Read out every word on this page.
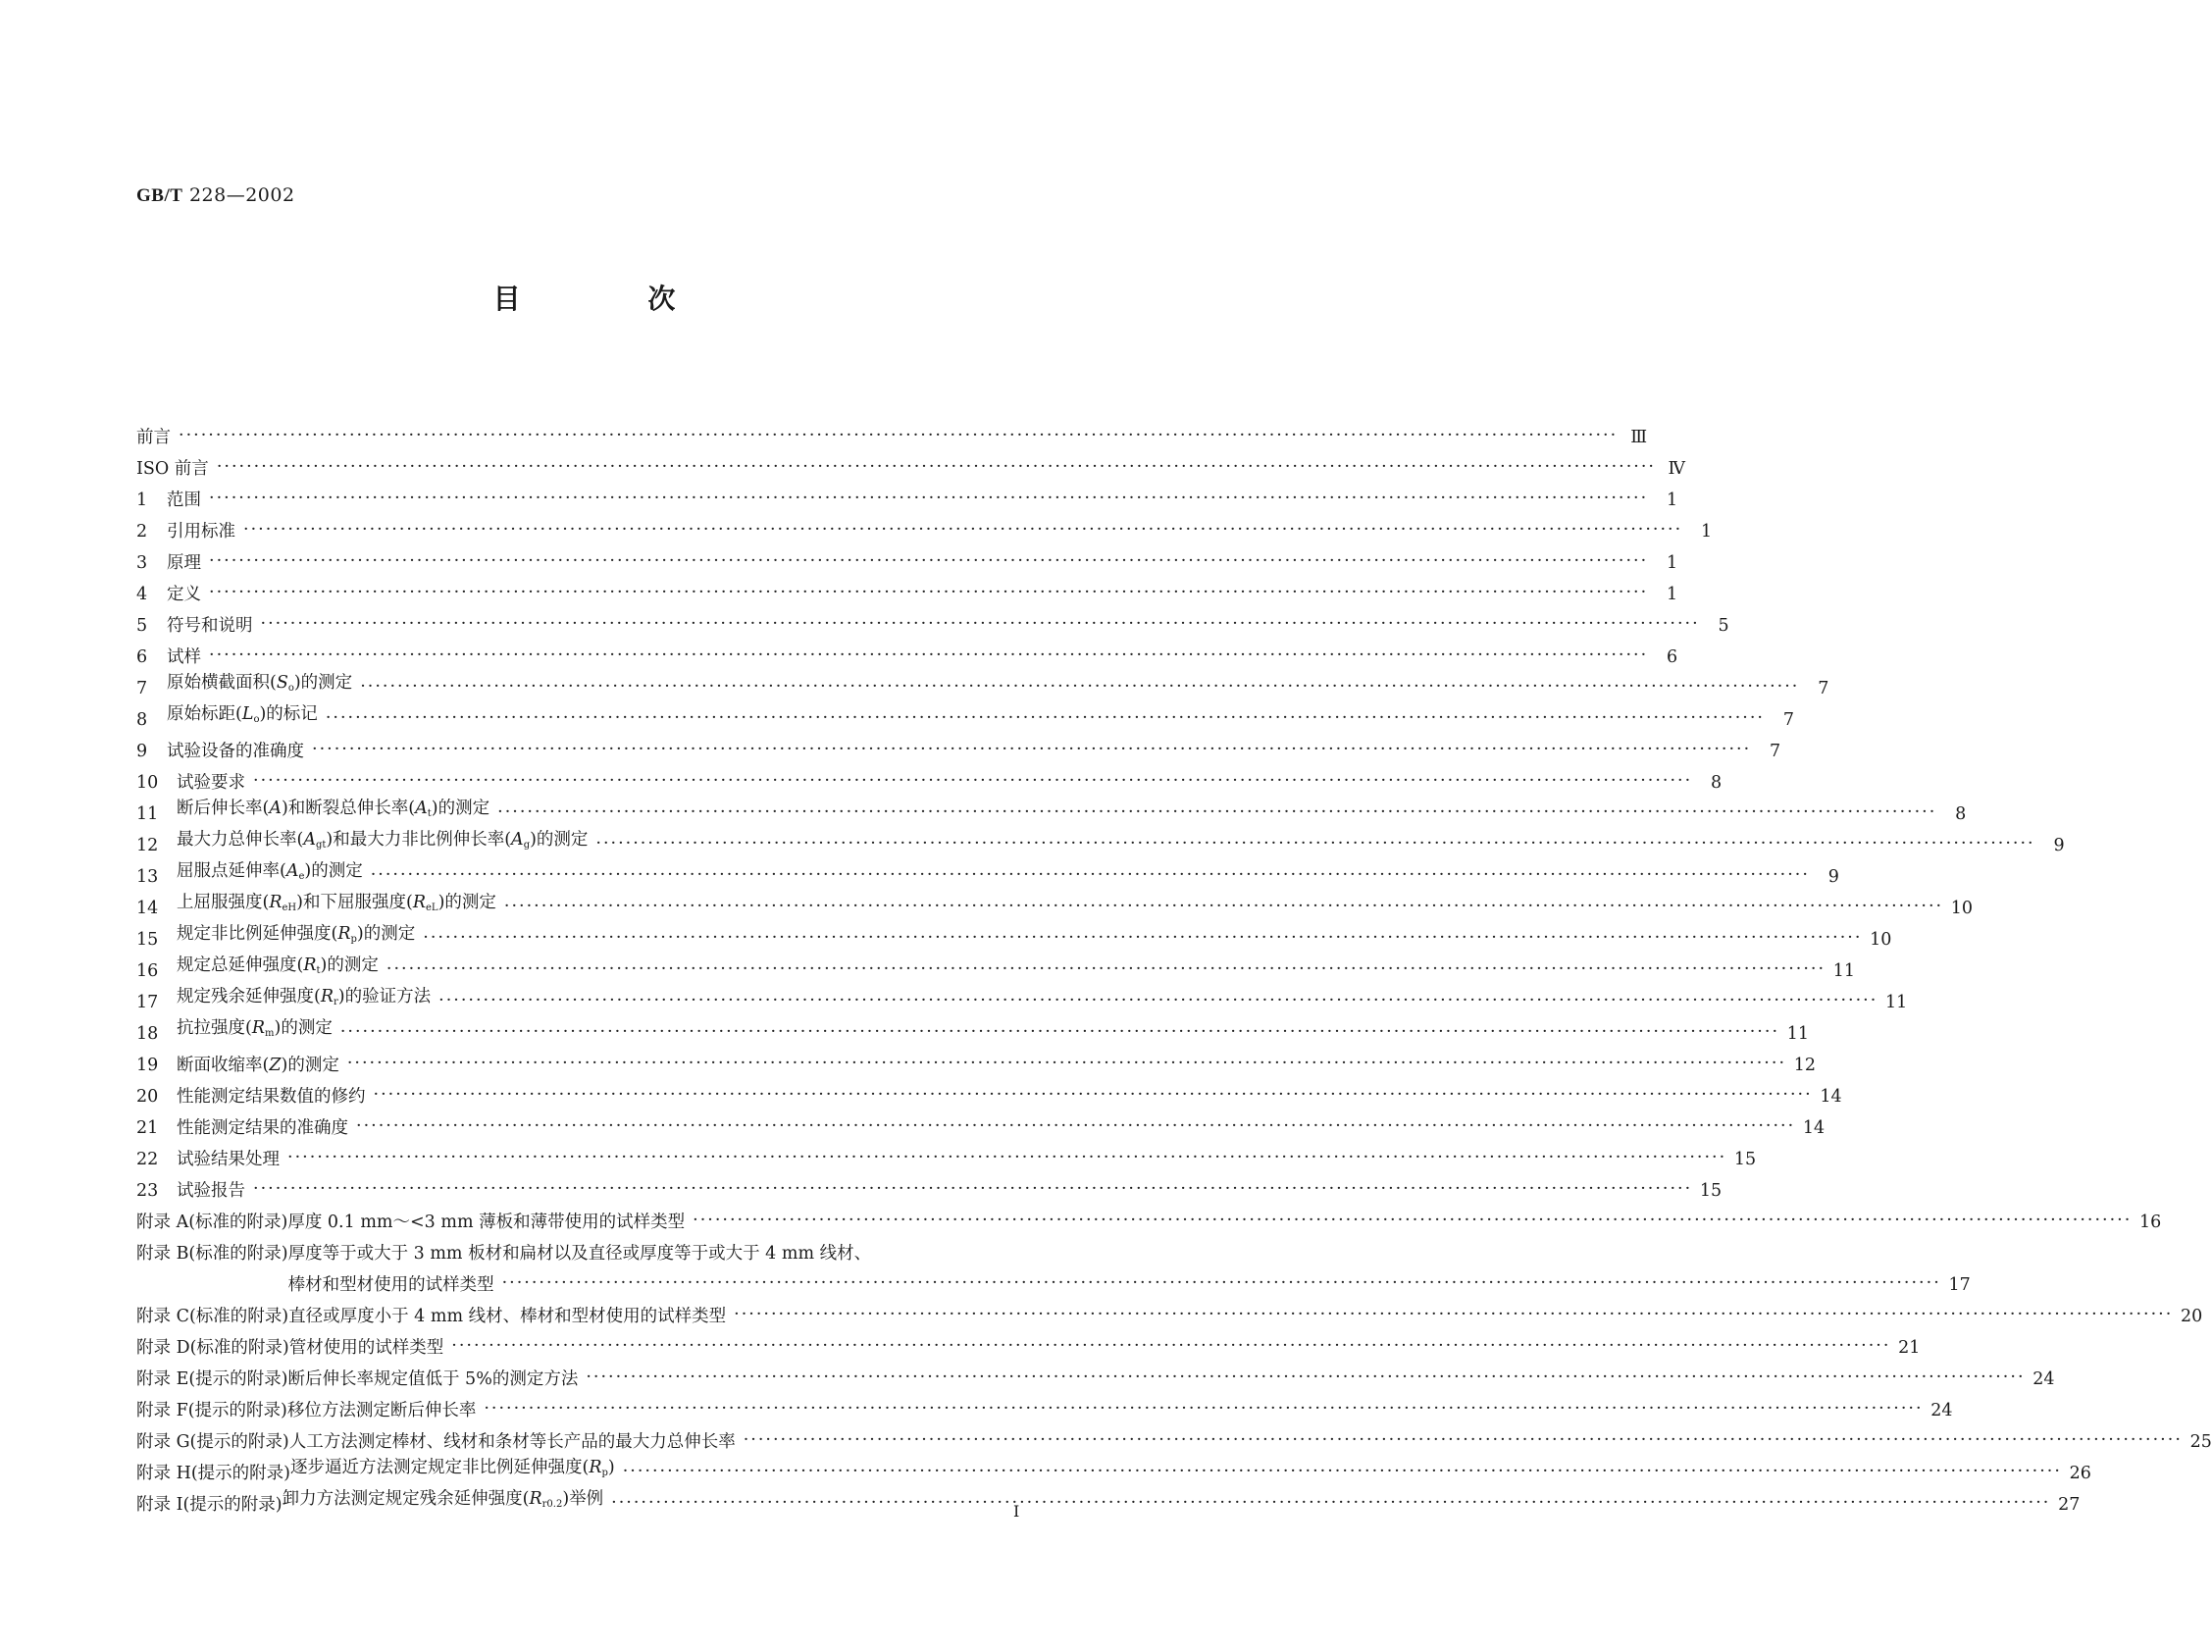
GB/T 228—2002
目 次
前言 ·····	Ⅲ
ISO 前言 ·····	Ⅳ
1	范围 ·····	1
2	引用标准 ·····	1
3	原理 ·····	1
4	定义 ·····	1
5	符号和说明 ·····	5
6	试样 ·····	6
7	原始横截面积$(S_o)$的测定 ·····	7
8	原始标距$(L_o)$的标记 ·····	7
9	试验设备的准确度 ·····	7
10	试验要求 ·····	8
11	断后伸长率(A)和断裂总伸长率$(A_t)$的测定 ·····	8
12	最大力总伸长率$(A_{gt})$和最大力非比例伸长率$(A_g)$的测定 ·····	9
13	屈服点延伸率$(A_e)$的测定 ·····	9
14	上屈服强度$(R_{eH})$和下屈服强度$(R_{eL})$的测定 ·····	10
15	规定非比例延伸强度$(R_p)$的测定 ·····	10
16	规定总延伸强度$(R_t)$的测定 ·····	11
17	规定残余延伸强度$(R_r)$的验证方法 ·····	11
18	抗拉强度$(R_m)$的测定 ·····	11
19	断面收缩率(Z)的测定 ·····	12
20	性能测定结果数值的修约 ·····	14
21	性能测定结果的准确度 ·····	14
22	试验结果处理 ·····	15
23	试验报告 ·····	15
附录 A(标准的附录) 厚度 0.1 mm～<3 mm 薄板和薄带使用的试样类型 ·····	16
附录 B(标准的附录) 厚度等于或大于 3 mm 板材和扁材以及直径或厚度等于或大于 4 mm 线材、
棒材和型材使用的试样类型 ·····	17
附录 C(标准的附录) 直径或厚度小于 4 mm 线材、棒材和型材使用的试样类型 ·····	20
附录 D(标准的附录) 管材使用的试样类型 ·····	21
附录 E(提示的附录) 断后伸长率规定值低于 5%的测定方法 ·····	24
附录 F(提示的附录) 移位方法测定断后伸长率 ·····	24
附录 G(提示的附录) 人工方法测定棒材、线材和条材等长产品的最大力总伸长率 ·····	25
附录 H(提示的附录) 逐步逼近方法测定规定非比例延伸强度$(R_p)$ ·····	26
附录 I(提示的附录) 卸力方法测定规定残余延伸强度$(R_{r0.2})$举例 ·····	27
I
